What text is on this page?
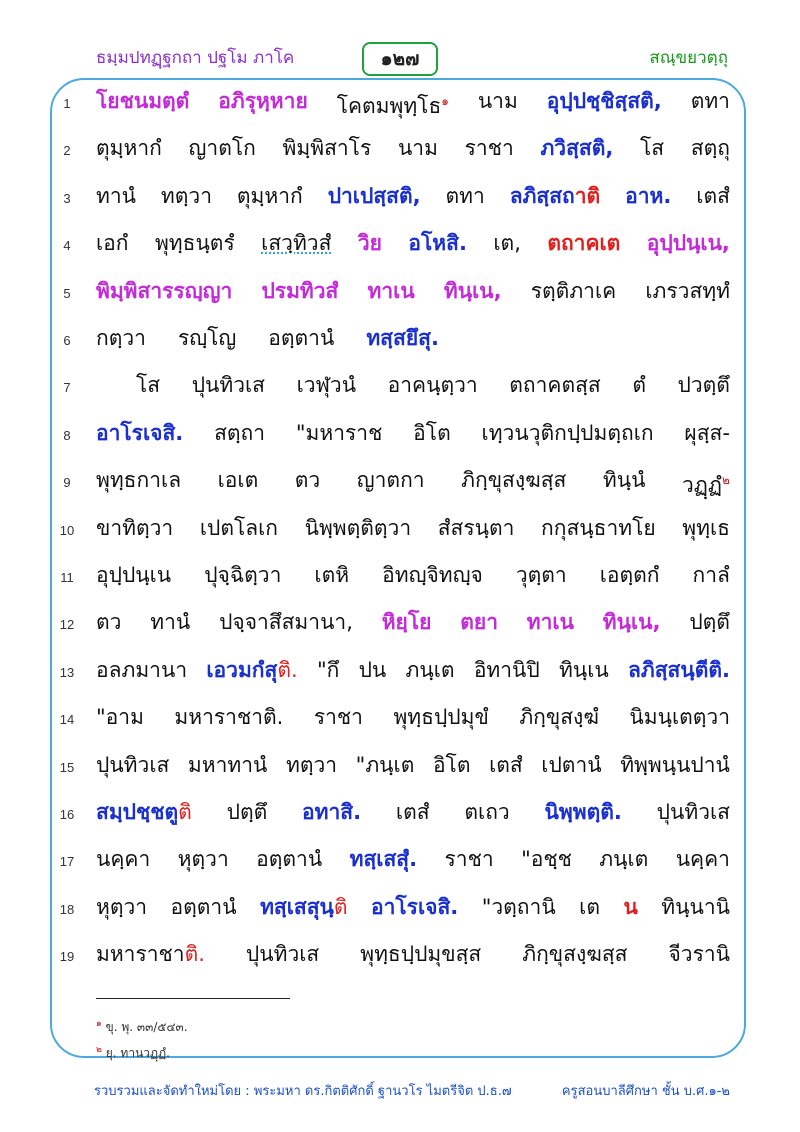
ธมฺมปทฏฺฐกถา ปฐโม ภาโค	๑๒๗	สณฺขยวตฺถุ
1	โยชนมตฺตํ อภิรุหฺหาย โคตมพุทฺโธ$^๑$ นาม อุปฺปชฺชิสฺสติ, ตทา
2	ตุมฺหากํ ญาตโก พิมฺพิสาโร นาม ราชา ภวิสฺสติ, โส สตฺถุ
3	ทานํ ทตฺวา ตุมฺหากํ ปาเปสฺสติ, ตทา ลภิสฺสถาติ อาห. เตสํ
4	เอกํ พุทฺธนฺตรํ เสวฺทิวสํ วิย อโหสิ. เต, ตถาคเต อุปฺปนฺเน,
5	พิมฺพิสารรญฺญา ปรมทิวสํ ทาเน ทินฺเน, รตฺติภาเค เภรวสทฺทํ
6	กตฺวา	รญฺโญ	อตฺตานํ	ทสฺสยึสุ.
7	โส ปุนทิวเส เวฬุวนํ อาคนฺตฺวา ตถาคตสฺส ตํ ปวตฺตึ
8	อาโรเจสิ. สตฺถา "มหาราช อิโต เทฺวนวุติกปฺปมตฺถเก ผุสฺส-
9	พุทฺธกาเล เอเต ตว ญาตกา ภิกฺขุสงฺฆสฺส ทินฺนํ วฏฺฏํ$^๒$
10	ขาทิตฺวา เปตโลเก นิพฺพตฺติตฺวา สํสรนฺตา กกุสนฺธาทโย พุทฺเธ
11	อุปฺปนฺเน ปุจฺฉิตฺวา เตหิ อิทญฺจิทญฺจ วุตฺตา เอตฺตกํ กาลํ
12	ตว ทานํ ปจฺจาสึสมานา, หิยฺโย ตยา ทาเน ทินฺเน, ปตฺตึ
13	อลภมานา เอวมกํสุติ. "กึ ปน ภนฺเต อิทานิปิ ทินฺเน ลภิสฺสนฺตีติ.
14	"อาม มหาราชาติ. ราชา พุทฺธปฺปมุขํ ภิกฺขุสงฺฆํ นิมนฺเตตฺวา
15	ปุนทิวเส มหาทานํ ทตฺวา "ภนฺเต อิโต เตสํ เปตานํ ทิพฺพนฺนปานํ
16	สมฺปชฺชตูติ ปตฺตึ อทาสิ. เตสํ ตเถว นิพฺพตฺติ. ปุนทิวเส
17	นคฺคา หุตฺวา อตฺตานํ ทสฺเสสุํ. ราชา "อชฺช ภนฺเต นคฺคา
18	หุตฺวา อตฺตานํ ทสฺเสสุนฺติ อาโรเจสิ. "วตฺถานิ เต น ทินฺนานิ
19	มหาราชาติ. ปุนทิวเส พุทฺธปฺปมุขสฺส ภิกฺขุสงฺฆสฺส จีวรานิ
$^๑$ ขุ. พุ. ๓๓/๕๔๓.
$^๒$ ยุ. ทานวฏฺฏํ.
รวบรวมและจัดทำใหม่โดย : พระมหา ดร.กิตติศักดิ์ ฐานวโร ไมตรีจิต ป.ธ.๗	ครูสอนบาลีศึกษา ชั้น บ.ศ.๑-๒
